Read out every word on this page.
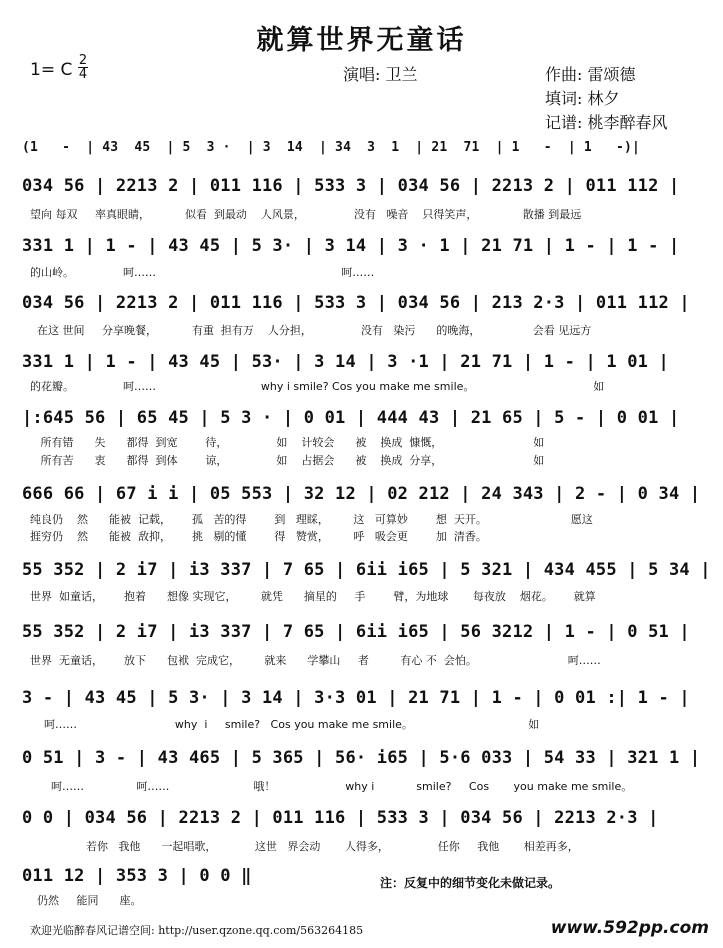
就算世界无童话
1= C 2
4	演唱: 卫兰	作曲: 雷颂德
填词: 林夕
记谱: 桃李醉春风
(1   -  | 43  45  | 5  3 ·  | 3  14  | 34  3  1  | 21  71  | 1   -  | 1   -)|
034 56 | 2213 2 | 011 116 | 533 3 | 034 56 | 2213 2 | 011 112 |
望向 每双     率真眼睛，          似看  到最动    人风景，              没有   噪音    只得笑声，             散播 到最远
331 1 | 1 - | 43 45 | 5 3· | 3 14 | 3 · 1 | 21 71 | 1 - | 1 - |
的山岭。              呵……                                                     呵……
034 56 | 2213 2 | 011 116 | 533 3 | 034 56 | 213 2·3 | 011 112 |
在这 世间     分享晚餐，          有重  担有万    人分担，              没有   染污      的晚海，               会看 见远方
331 1 | 1 - | 43 45 | 53· | 3 14 | 3 ·1 | 21 71 | 1 - | 1 01 |
的花瓣。              呵……                              why i smile? Cos you make me smile。                                  如
|:645 56 | 65 45 | 5 3 · | 0 01 | 444 43 | 21 65 | 5 - | 0 01 |
所有错      失      都得  到宽        待，              如    计较会      被    换成  慷慨，                          如
所有苦      衷      都得  到体        谅，              如    占据会      被    换成  分享，                          如
666 66 | 67 i i | 05 553 | 32 12 | 02 212 | 24 343 | 2 - | 0 34 |
纯良仍    然      能被  记载，      孤   苦的得        到   理睬，       这   可算妙        想  天开。                        愿这
捱穷仍    然      能被  敌抑，      挑   剔的懂        得   赞赏，       呼   吸会更        加  清香。
55 352 | 2 i7 | i3 337 | 7 65 | 6ii i65 | 5 321 | 434 455 | 5 34 |
世界  如童话，      抱着      想像 实现它，       就凭      摘星的     手        臂，为地球       每夜放    烟花。      就算
55 352 | 2 i7 | i3 337 | 7 65 | 6ii i65 | 56 3212 | 1 - | 0 51 |
世界  无童话，      放下      包袱  完成它，       就来      学攀山     者         有心 不  会怕。                          呵……
3 - | 43 45 | 5 3· | 3 14 | 3·3 01 | 21 71 | 1 - | 0 01 :| 1 - |
呵……                            why  i     smile?   Cos you make me smile。                                 如
0 51 | 3 - | 43 465 | 5 365 | 56· i65 | 5·6 033 | 54 33 | 321 1 |
呵……               呵……                        哦！                    why i            smile?     Cos       you make me smile。
0 0 | 034 56 | 2213 2 | 011 116 | 533 3 | 034 56 | 2213 2·3 |
若你   我他      一起唱歌，           这世   界会动       人得多，              任你     我他       相差再多，
011 12 | 353 3 | 0 0 ‖
仍然     能同      座。
注：反复中的细节变化未做记录。
欢迎光临醉春风记谱空间: http://user.qzone.qq.com/563264185	www.592pp.com
